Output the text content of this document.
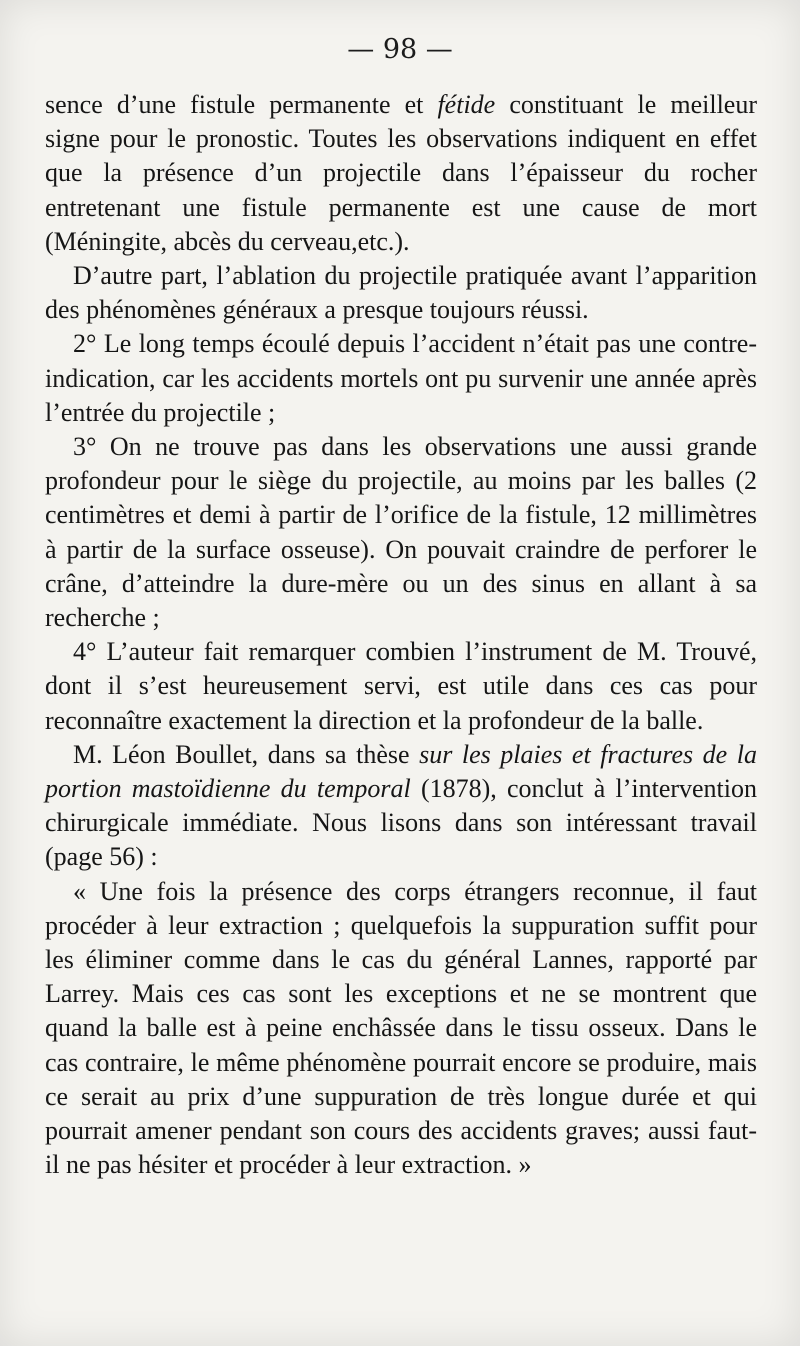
— 98 —

sence d’une fistule permanente et fétide constituant le meilleur signe pour le pronostic. Toutes les observations indiquent en effet que la présence d’un projectile dans l’épaisseur du rocher entretenant une fistule permanente est une cause de mort (Méningite, abcès du cerveau,etc.).

D’autre part, l’ablation du projectile pratiquée avant l’apparition des phénomènes généraux a presque toujours réussi.

2° Le long temps écoulé depuis l’accident n’était pas une contre-indication, car les accidents mortels ont pu survenir une année après l’entrée du projectile ;

3° On ne trouve pas dans les observations une aussi grande profondeur pour le siège du projectile, au moins par les balles (2 centimètres et demi à partir de l’orifice de la fistule, 12 millimètres à partir de la surface osseuse). On pouvait craindre de perforer le crâne, d’atteindre la dure-mère ou un des sinus en allant à sa recherche ;

4° L’auteur fait remarquer combien l’instrument de M. Trouvé, dont il s’est heureusement servi, est utile dans ces cas pour reconnaître exactement la direction et la profondeur de la balle.

M. Léon Boullet, dans sa thèse sur les plaies et fractures de la portion mastoïdienne du temporal (1878), conclut à l’intervention chirurgicale immédiate. Nous lisons dans son intéressant travail (page 56) :

« Une fois la présence des corps étrangers reconnue, il faut procéder à leur extraction ; quelquefois la suppuration suffit pour les éliminer comme dans le cas du général Lannes, rapporté par Larrey. Mais ces cas sont les exceptions et ne se montrent que quand la balle est à peine enchâssée dans le tissu osseux. Dans le cas contraire, le même phénomène pourrait encore se produire, mais ce serait au prix d’une suppuration de très longue durée et qui pourrait amener pendant son cours des accidents graves; aussi faut-il ne pas hésiter et procéder à leur extraction. »
